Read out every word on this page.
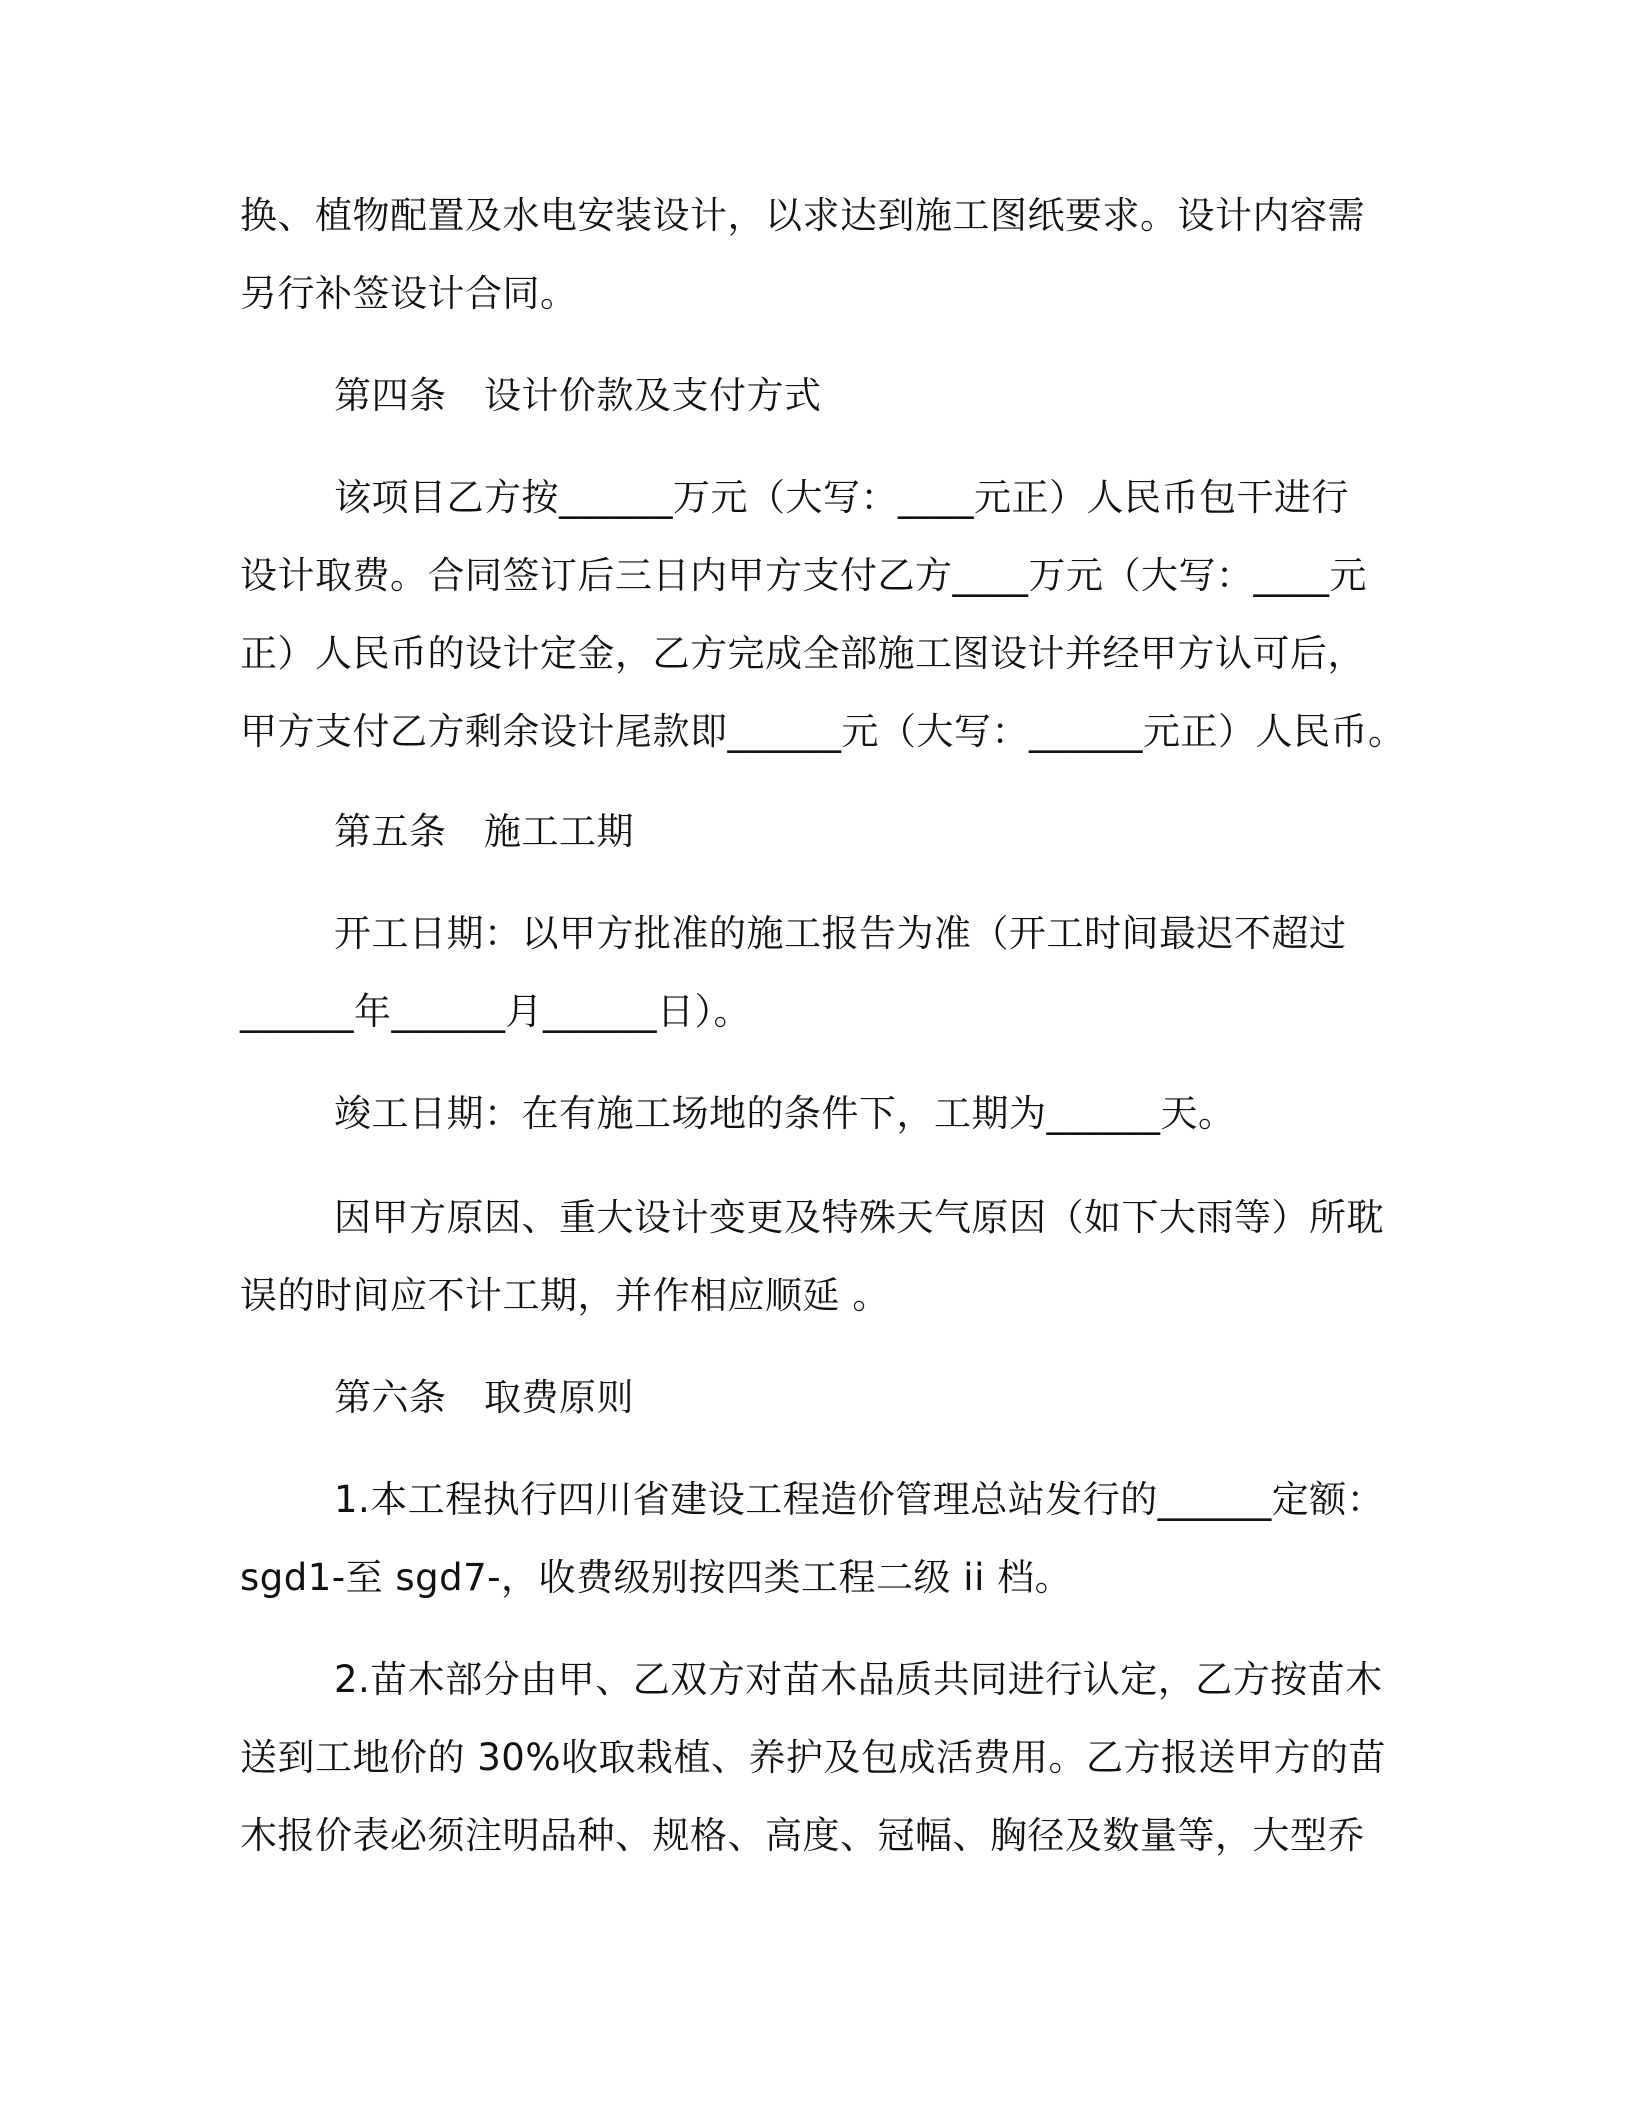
换、植物配置及水电安装设计，以求达到施工图纸要求。设计内容需
另行补签设计合同。
第四条　设计价款及支付方式
该项目乙方按______万元（大写：____元正）人民币包干进行
设计取费。合同签订后三日内甲方支付乙方____万元（大写：____元
正）人民币的设计定金，乙方完成全部施工图设计并经甲方认可后，
甲方支付乙方剩余设计尾款即______元（大写：______元正）人民币。
第五条　施工工期
开工日期：以甲方批准的施工报告为准（开工时间最迟不超过
______年______月______日）。
竣工日期：在有施工场地的条件下，工期为______天。
因甲方原因、重大设计变更及特殊天气原因（如下大雨等）所耽
误的时间应不计工期，并作相应顺延 。
第六条　取费原则
1.本工程执行四川省建设工程造价管理总站发行的______定额：
sgd1-至 sgd7-，收费级别按四类工程二级 ii 档。
2.苗木部分由甲、乙双方对苗木品质共同进行认定，乙方按苗木
送到工地价的 30%收取栽植、养护及包成活费用。乙方报送甲方的苗
木报价表必须注明品种、规格、高度、冠幅、胸径及数量等，大型乔
